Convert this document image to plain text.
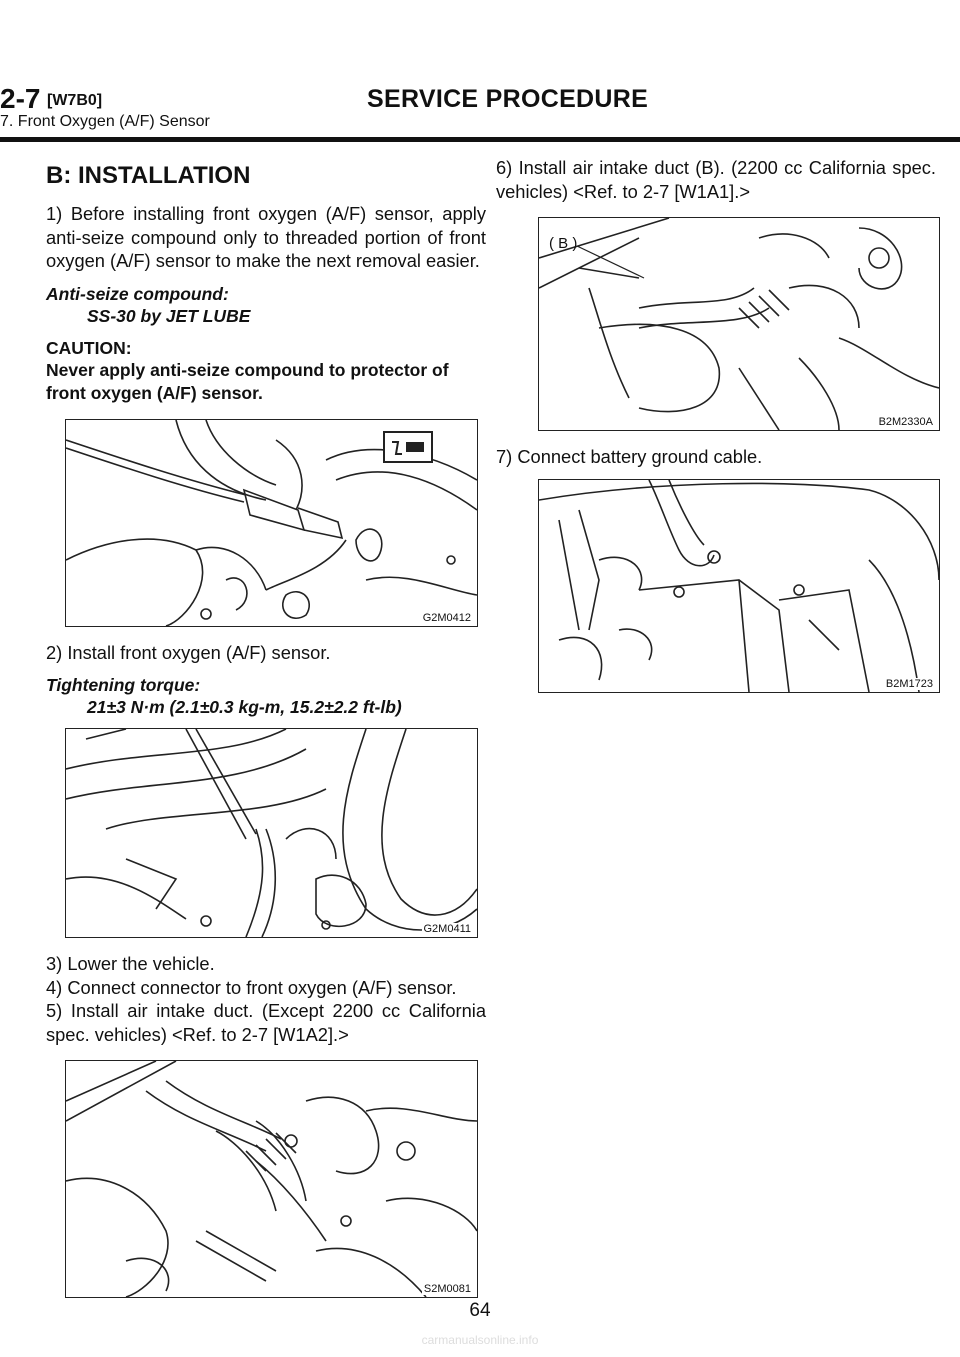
2-7 [W7B0]	SERVICE PROCEDURE
7. Front Oxygen (A/F) Sensor
B: INSTALLATION

1) Before installing front oxygen (A/F) sensor, apply anti-seize compound only to threaded portion of front oxygen (A/F) sensor to make the next removal easier.

Anti-seize compound:
SS-30 by JET LUBE
CAUTION:
Never apply anti-seize compound to protector of front oxygen (A/F) sensor.
G2M0412

2) Install front oxygen (A/F) sensor.

Tightening torque:
21±3 N·m (2.1±0.3 kg-m, 15.2±2.2 ft-lb)
G2M0411

3) Lower the vehicle.

4) Connect connector to front oxygen (A/F) sensor.

5) Install air intake duct. (Except 2200 cc California spec. vehicles) <Ref. to 2-7 [W1A2].>

S2M0081

6) Install air intake duct (B). (2200 cc California spec. vehicles) <Ref. to 2-7 [W1A1].>

( B )
B2M2330A

7) Connect battery ground cable.

B2M1723
64
carmanualsonline.info
